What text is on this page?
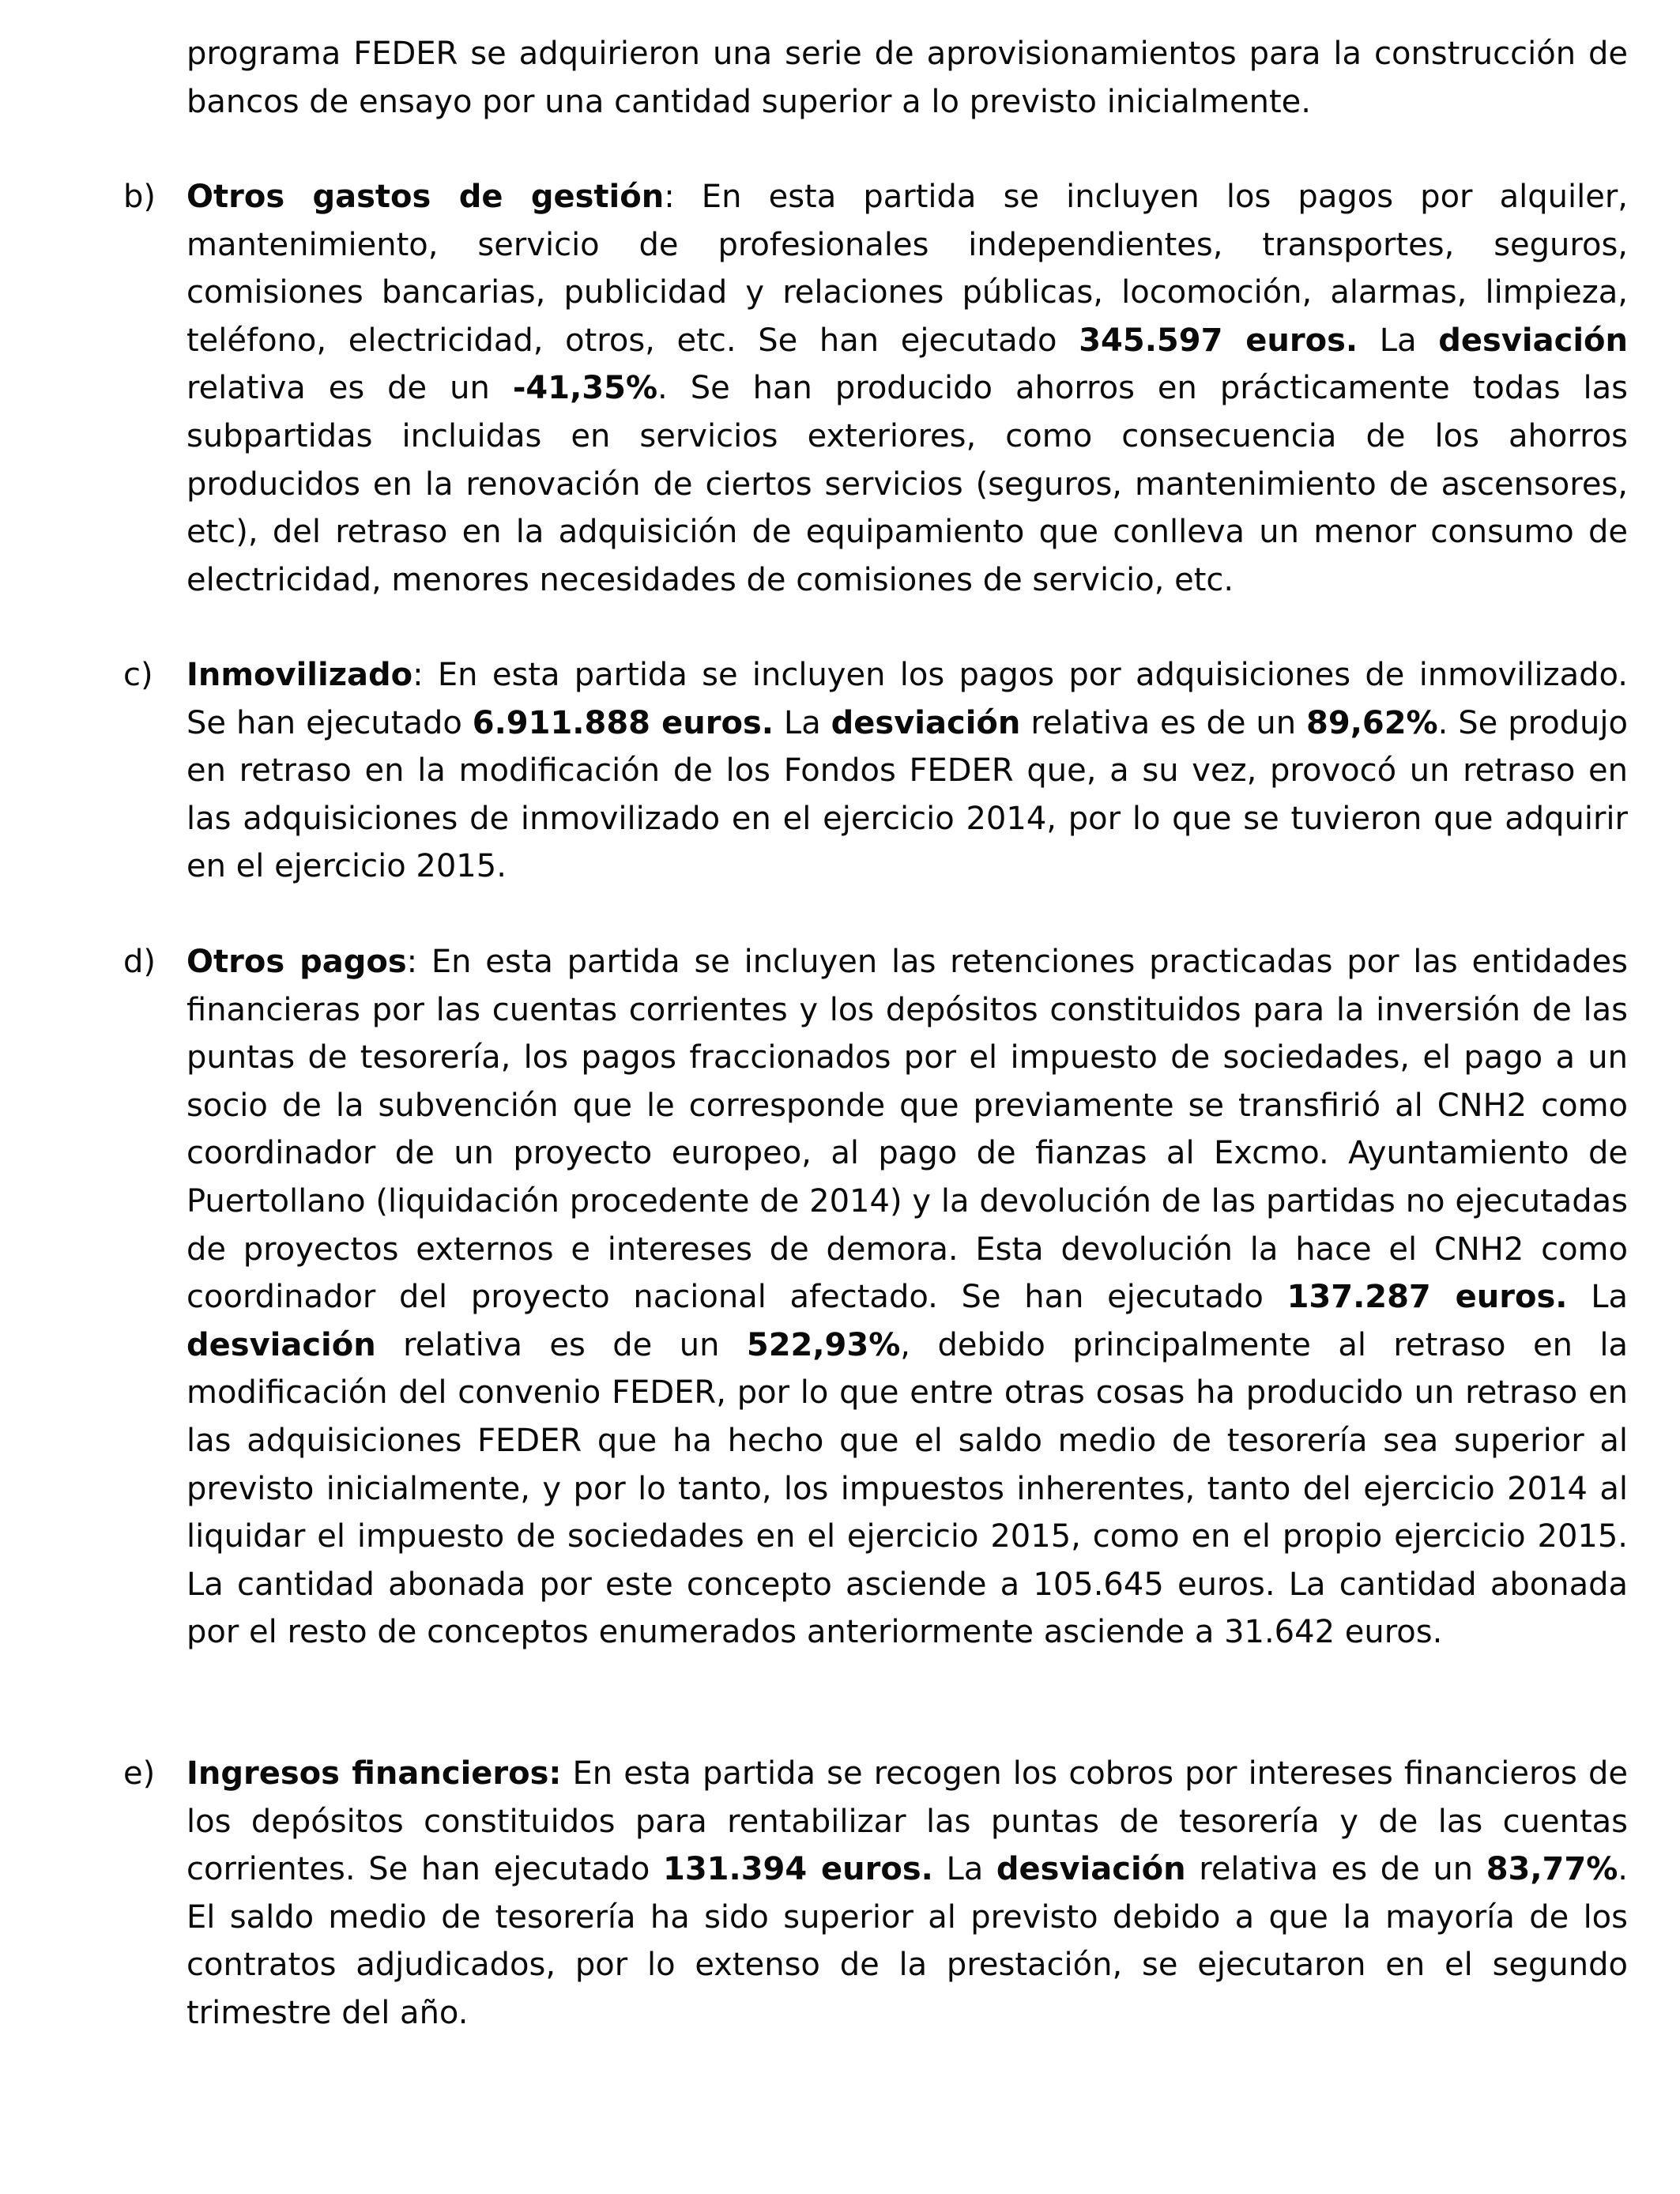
programa FEDER se adquirieron una serie de aprovisionamientos para la construcción de bancos de ensayo por una cantidad superior a lo previsto inicialmente.
b) Otros gastos de gestión: En esta partida se incluyen los pagos por alquiler, mantenimiento, servicio de profesionales independientes, transportes, seguros, comisiones bancarias, publicidad y relaciones públicas, locomoción, alarmas, limpieza, teléfono, electricidad, otros, etc. Se han ejecutado 345.597 euros. La desviación relativa es de un -41,35%. Se han producido ahorros en prácticamente todas las subpartidas incluidas en servicios exteriores, como consecuencia de los ahorros producidos en la renovación de ciertos servicios (seguros, mantenimiento de ascensores, etc), del retraso en la adquisición de equipamiento que conlleva un menor consumo de electricidad, menores necesidades de comisiones de servicio, etc.
c) Inmovilizado: En esta partida se incluyen los pagos por adquisiciones de inmovilizado. Se han ejecutado 6.911.888 euros. La desviación relativa es de un 89,62%. Se produjo en retraso en la modificación de los Fondos FEDER que, a su vez, provocó un retraso en las adquisiciones de inmovilizado en el ejercicio 2014, por lo que se tuvieron que adquirir en el ejercicio 2015.
d) Otros pagos: En esta partida se incluyen las retenciones practicadas por las entidades financieras por las cuentas corrientes y los depósitos constituidos para la inversión de las puntas de tesorería, los pagos fraccionados por el impuesto de sociedades, el pago a un socio de la subvención que le corresponde que previamente se transfirió al CNH2 como coordinador de un proyecto europeo, al pago de fianzas al Excmo. Ayuntamiento de Puertollano (liquidación procedente de 2014) y la devolución de las partidas no ejecutadas de proyectos externos e intereses de demora. Esta devolución la hace el CNH2 como coordinador del proyecto nacional afectado. Se han ejecutado 137.287 euros. La desviación relativa es de un 522,93%, debido principalmente al retraso en la modificación del convenio FEDER, por lo que entre otras cosas ha producido un retraso en las adquisiciones FEDER que ha hecho que el saldo medio de tesorería sea superior al previsto inicialmente, y por lo tanto, los impuestos inherentes, tanto del ejercicio 2014 al liquidar el impuesto de sociedades en el ejercicio 2015, como en el propio ejercicio 2015. La cantidad abonada por este concepto asciende a 105.645 euros. La cantidad abonada por el resto de conceptos enumerados anteriormente asciende a 31.642 euros.
e) Ingresos financieros: En esta partida se recogen los cobros por intereses financieros de los depósitos constituidos para rentabilizar las puntas de tesorería y de las cuentas corrientes. Se han ejecutado 131.394 euros. La desviación relativa es de un 83,77%. El saldo medio de tesorería ha sido superior al previsto debido a que la mayoría de los contratos adjudicados, por lo extenso de la prestación, se ejecutaron en el segundo trimestre del año.
